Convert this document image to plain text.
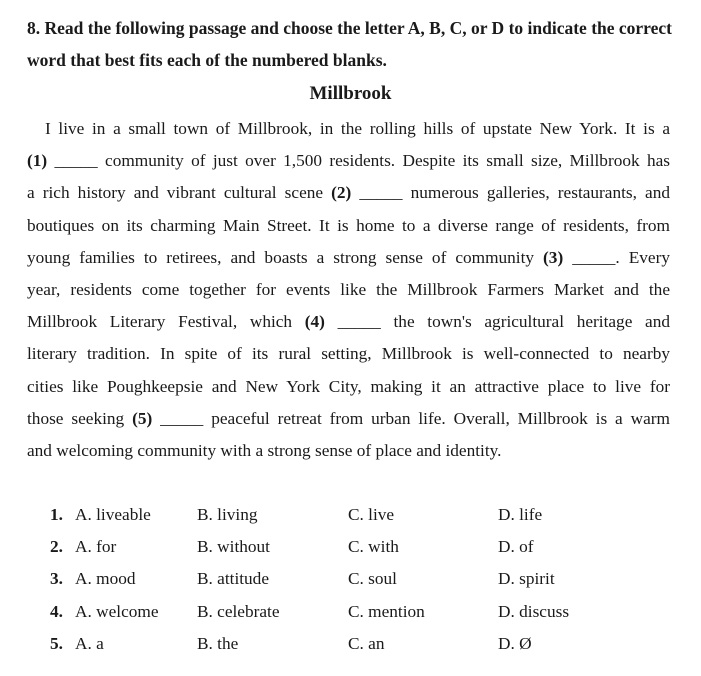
8. Read the following passage and choose the letter A, B, C, or D to indicate the correct word that best fits each of the numbered blanks.

Millbrook
I live in a small town of Millbrook, in the rolling hills of upstate New York. It is a
(1) _____ community of just over 1,500 residents. Despite its small size, Millbrook has
a rich history and vibrant cultural scene (2) _____ numerous galleries, restaurants, and
boutiques on its charming Main Street. It is home to a diverse range of residents, from
young families to retirees, and boasts a strong sense of community (3) _____. Every
year, residents come together for events like the Millbrook Farmers Market and the
Millbrook Literary Festival, which (4) _____ the town's agricultural heritage and
literary tradition. In spite of its rural setting, Millbrook is well-connected to nearby
cities like Poughkeepsie and New York City, making it an attractive place to live for
those seeking (5) _____ peaceful retreat from urban life. Overall, Millbrook is a warm
and welcoming community with a strong sense of place and identity.
1. A. liveable	B. living	C. live	D. life
2. A. for	B. without	C. with	D. of
3. A. mood	B. attitude	C. soul	D. spirit
4. A. welcome B. celebrate	C. mention	D. discuss
5. A. a	B. the	C. an	D. Ø
